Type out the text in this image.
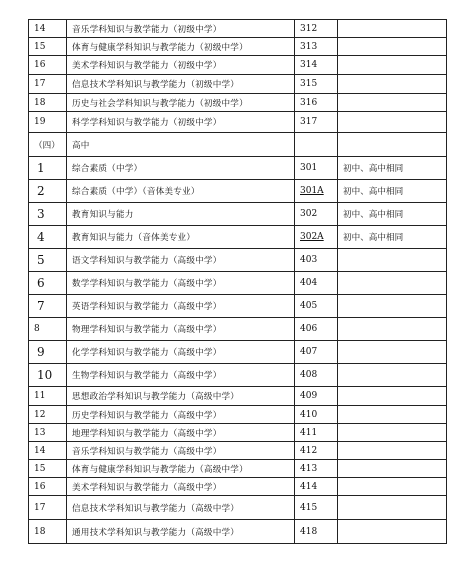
14	音乐学科知识与教学能力（初级中学）	312	
15	体育与健康学科知识与教学能力（初级中学）	313	
16	美术学科知识与教学能力（初级中学）	314	
17	信息技术学科知识与教学能力（初级中学）	315	
18	历史与社会学科知识与教学能力（初级中学）	316	
19	科学学科知识与教学能力（初级中学）	317	
（四）	高中		
1	综合素质（中学）	301	初中、高中相同
2	综合素质（中学）（音体美专业）	301A	初中、高中相同
3	教育知识与能力	302	初中、高中相同
4	教育知识与能力（音体美专业）	302A	初中、高中相同
5	语文学科知识与教学能力（高级中学）	403	
6	数学学科知识与教学能力（高级中学）	404	
7	英语学科知识与教学能力（高级中学）	405	
8	物理学科知识与教学能力（高级中学）	406	
9	化学学科知识与教学能力（高级中学）	407	
10	生物学科知识与教学能力（高级中学）	408	
11	思想政治学科知识与教学能力（高级中学）	409	
12	历史学科知识与教学能力（高级中学）	410	
13	地理学科知识与教学能力（高级中学）	411	
14	音乐学科知识与教学能力（高级中学）	412	
15	体育与健康学科知识与教学能力（高级中学）	413	
16	美术学科知识与教学能力（高级中学）	414	
17	信息技术学科知识与教学能力（高级中学）	415	
18	通用技术学科知识与教学能力（高级中学）	418	
